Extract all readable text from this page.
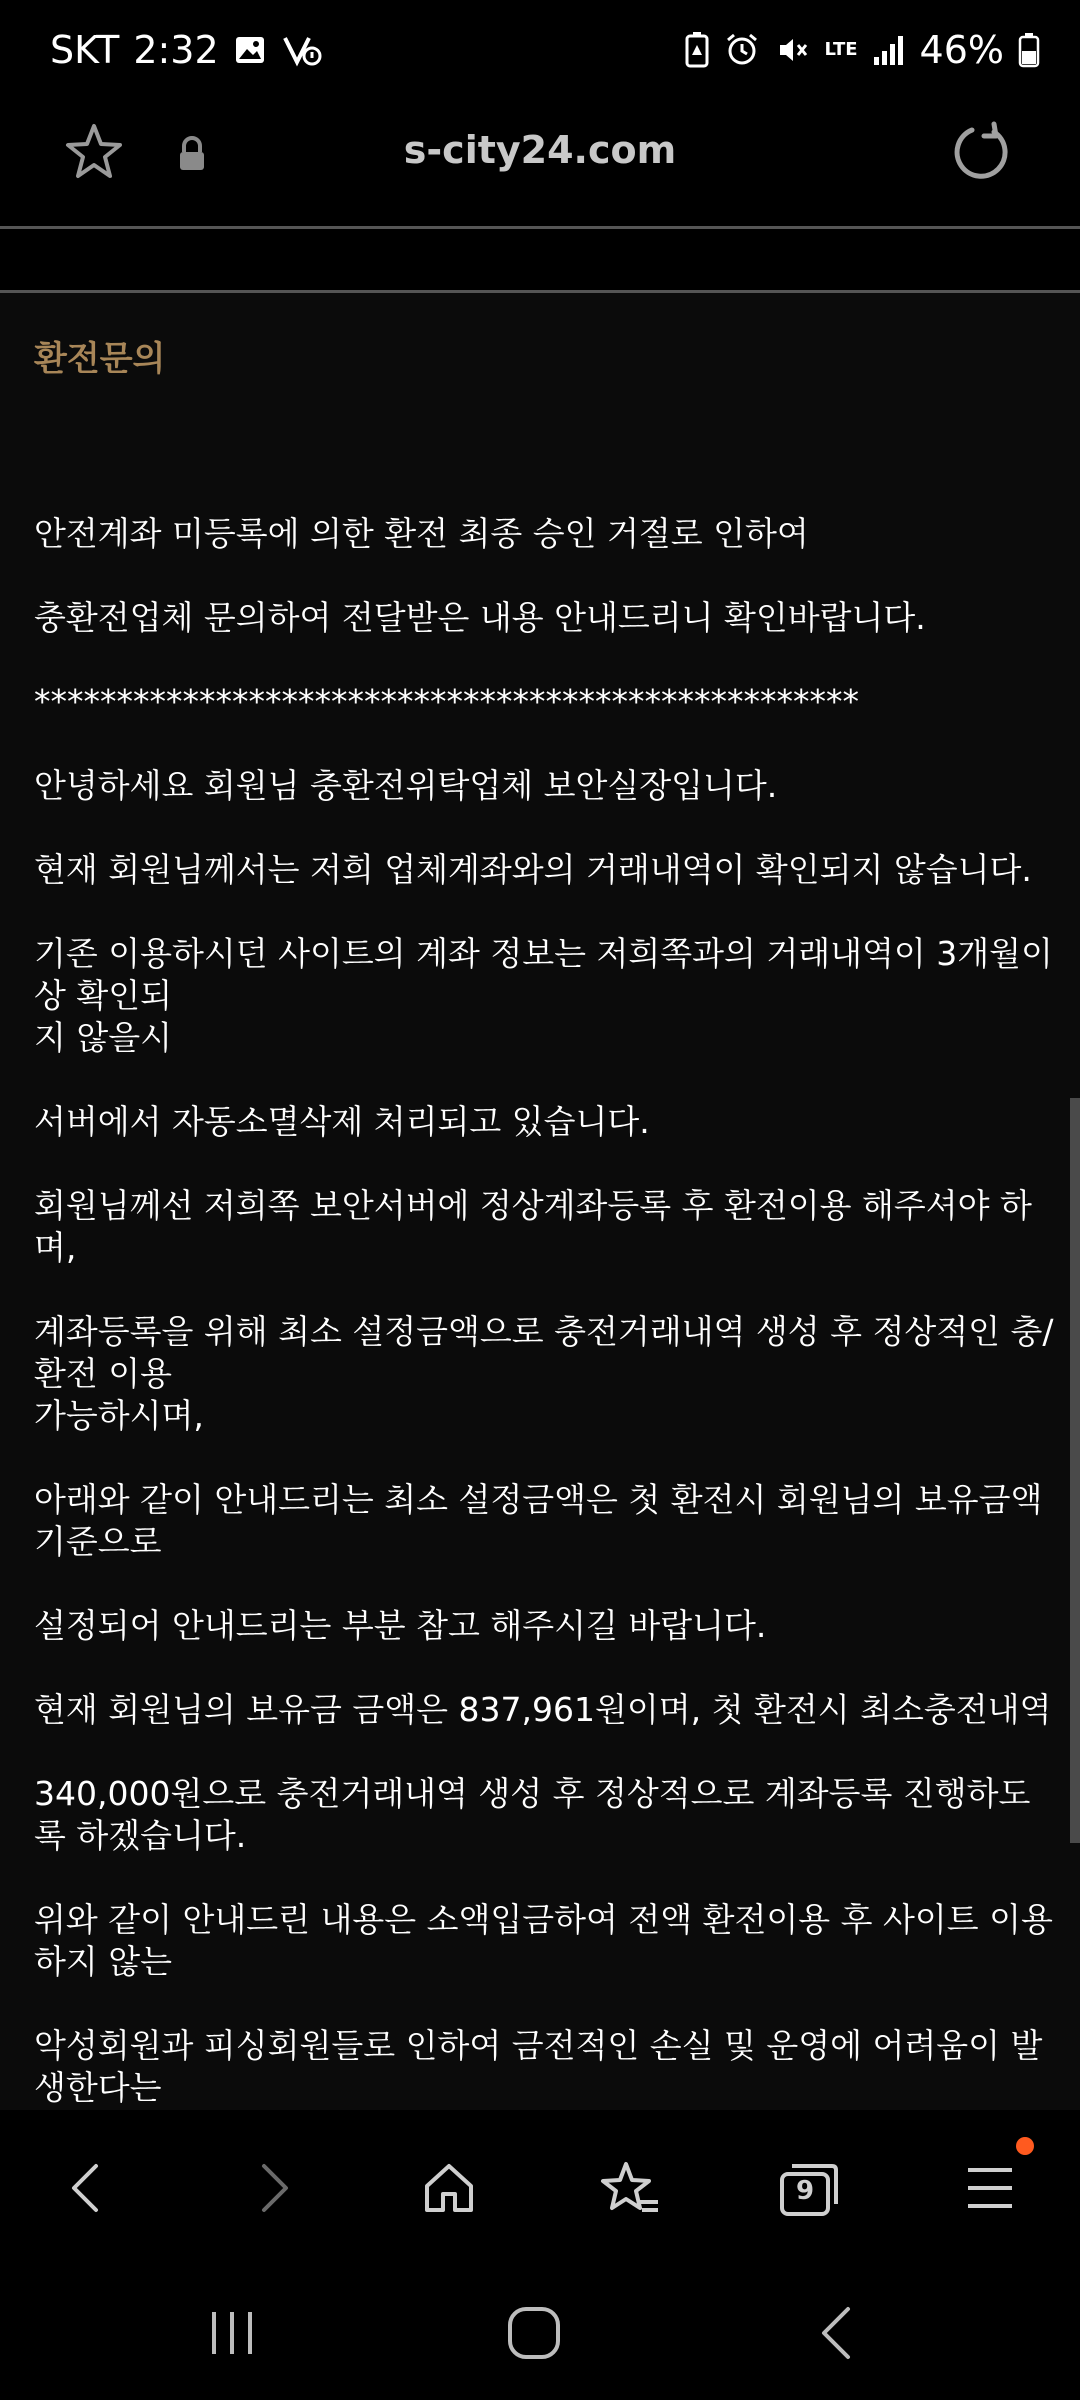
SKT 2:32	LTE 46%
s-city24.com
환전문의

안전계좌 미등록에 의한 환전 최종 승인 거절로 인하여

충환전업체 문의하여 전달받은 내용 안내드리니 확인바랍니다.

**************************************************

안녕하세요 회원님 충환전위탁업체 보안실장입니다.

현재 회원님께서는 저희 업체계좌와의 거래내역이 확인되지 않습니다.

기존 이용하시던 사이트의 계좌 정보는 저희쪽과의 거래내역이 3개월이상 확인되
지 않을시

서버에서 자동소멸삭제 처리되고 있습니다.

회원님께선 저희쪽 보안서버에 정상계좌등록 후 환전이용 해주셔야 하며,

계좌등록을 위해 최소 설정금액으로 충전거래내역 생성 후 정상적인 충/환전 이용
가능하시며,

아래와 같이 안내드리는 최소 설정금액은 첫 환전시 회원님의 보유금액 기준으로

설정되어 안내드리는 부분 참고 해주시길 바랍니다.

현재 회원님의 보유금 금액은 837,961원이며, 첫 환전시 최소충전내역

340,000원으로 충전거래내역 생성 후 정상적으로 계좌등록 진행하도록 하겠습니다.

위와 같이 안내드린 내용은 소액입금하여 전액 환전이용 후 사이트 이용하지 않는

악성회원과 피싱회원들로 인하여 금전적인 손실 및 운영에 어려움이 발생한다는

9
